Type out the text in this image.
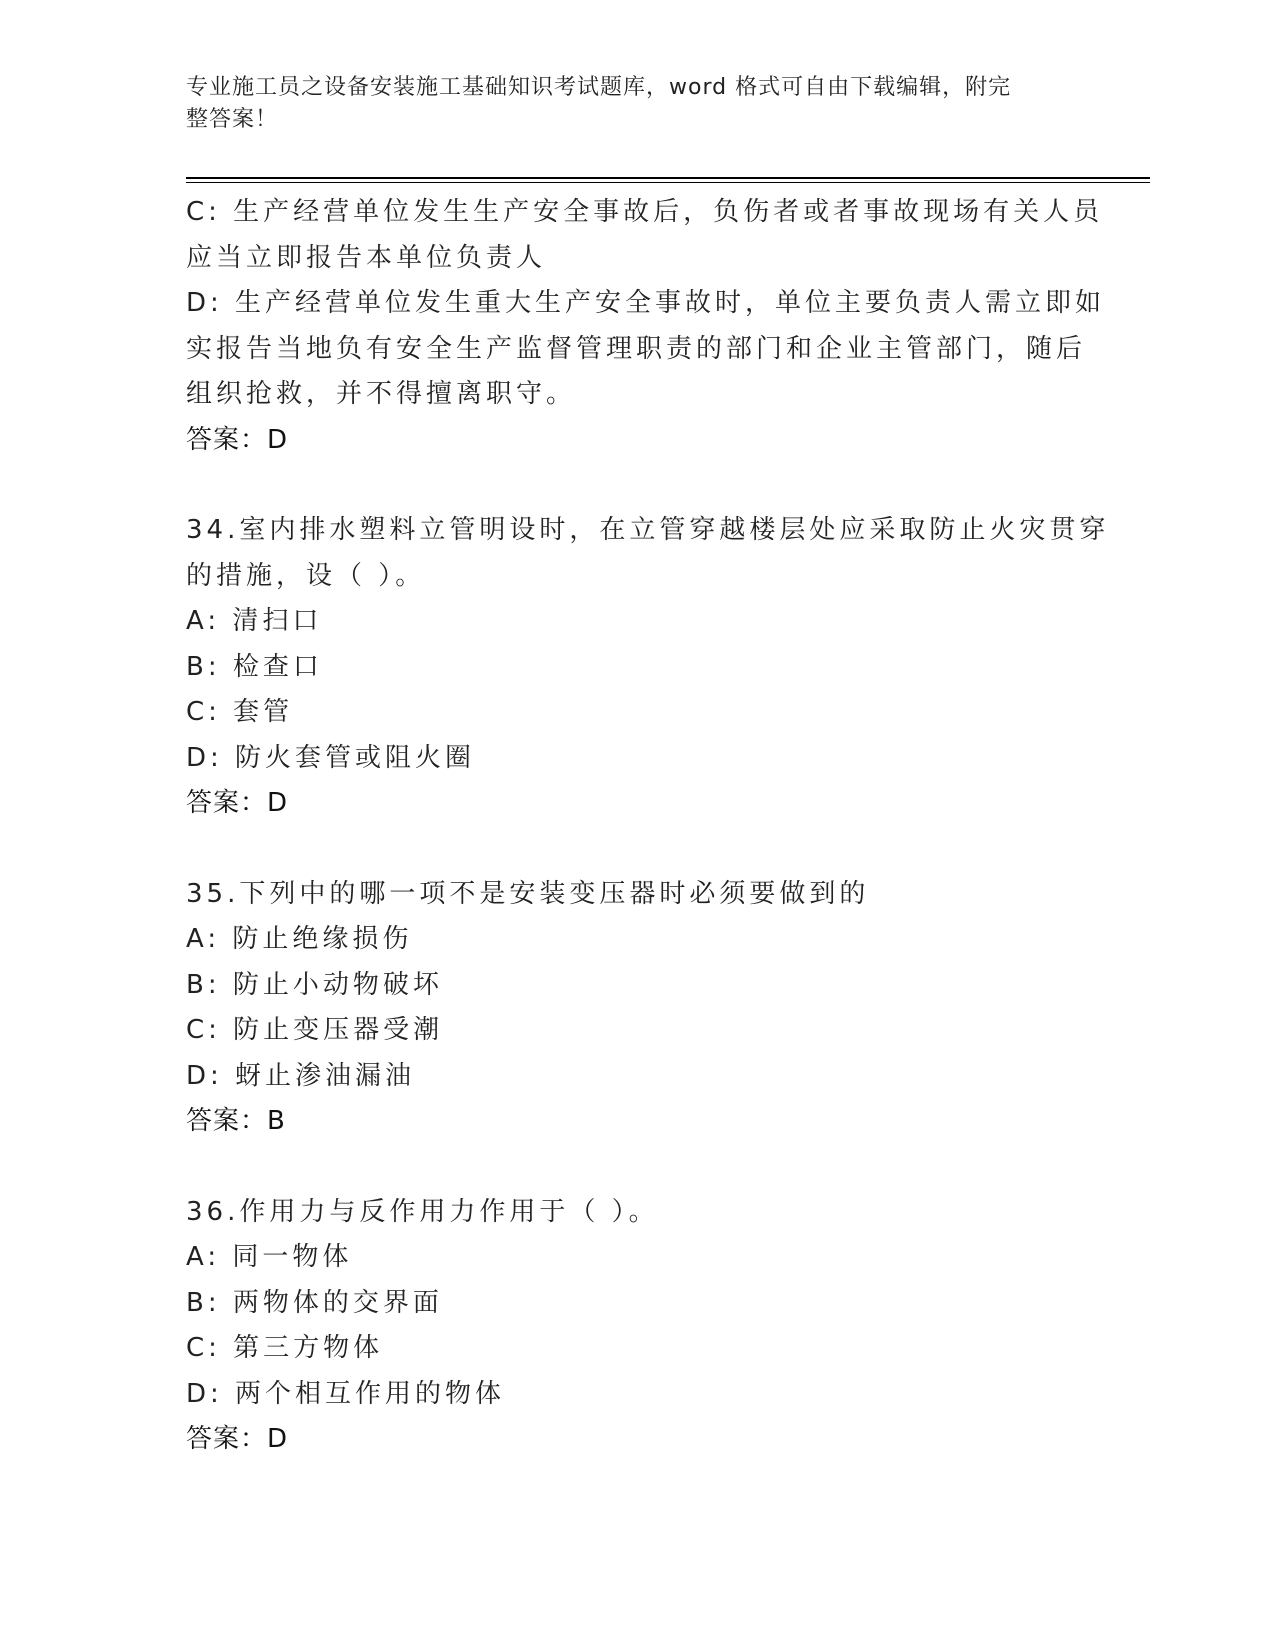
专业施工员之设备安装施工基础知识考试题库，word 格式可自由下载编辑，附完
整答案！
C: 生产经营单位发生生产安全事故后，负伤者或者事故现场有关人员
应当立即报告本单位负责人
D: 生产经营单位发生重大生产安全事故时，单位主要负责人需立即如
实报告当地负有安全生产监督管理职责的部门和企业主管部门，随后
组织抢救，并不得擅离职守。
答案：D
34.室内排水塑料立管明设时，在立管穿越楼层处应采取防止火灾贯穿
的措施，设（ ）。
A: 清扫口
B: 检查口
C: 套管
D: 防火套管或阻火圈
答案：D
35.下列中的哪一项不是安装变压器时必须要做到的
A: 防止绝缘损伤
B: 防止小动物破坏
C: 防止变压器受潮
D: 蚜止渗油漏油
答案：B
36.作用力与反作用力作用于（ ）。
A: 同一物体
B: 两物体的交界面
C: 第三方物体
D: 两个相互作用的物体
答案：D
